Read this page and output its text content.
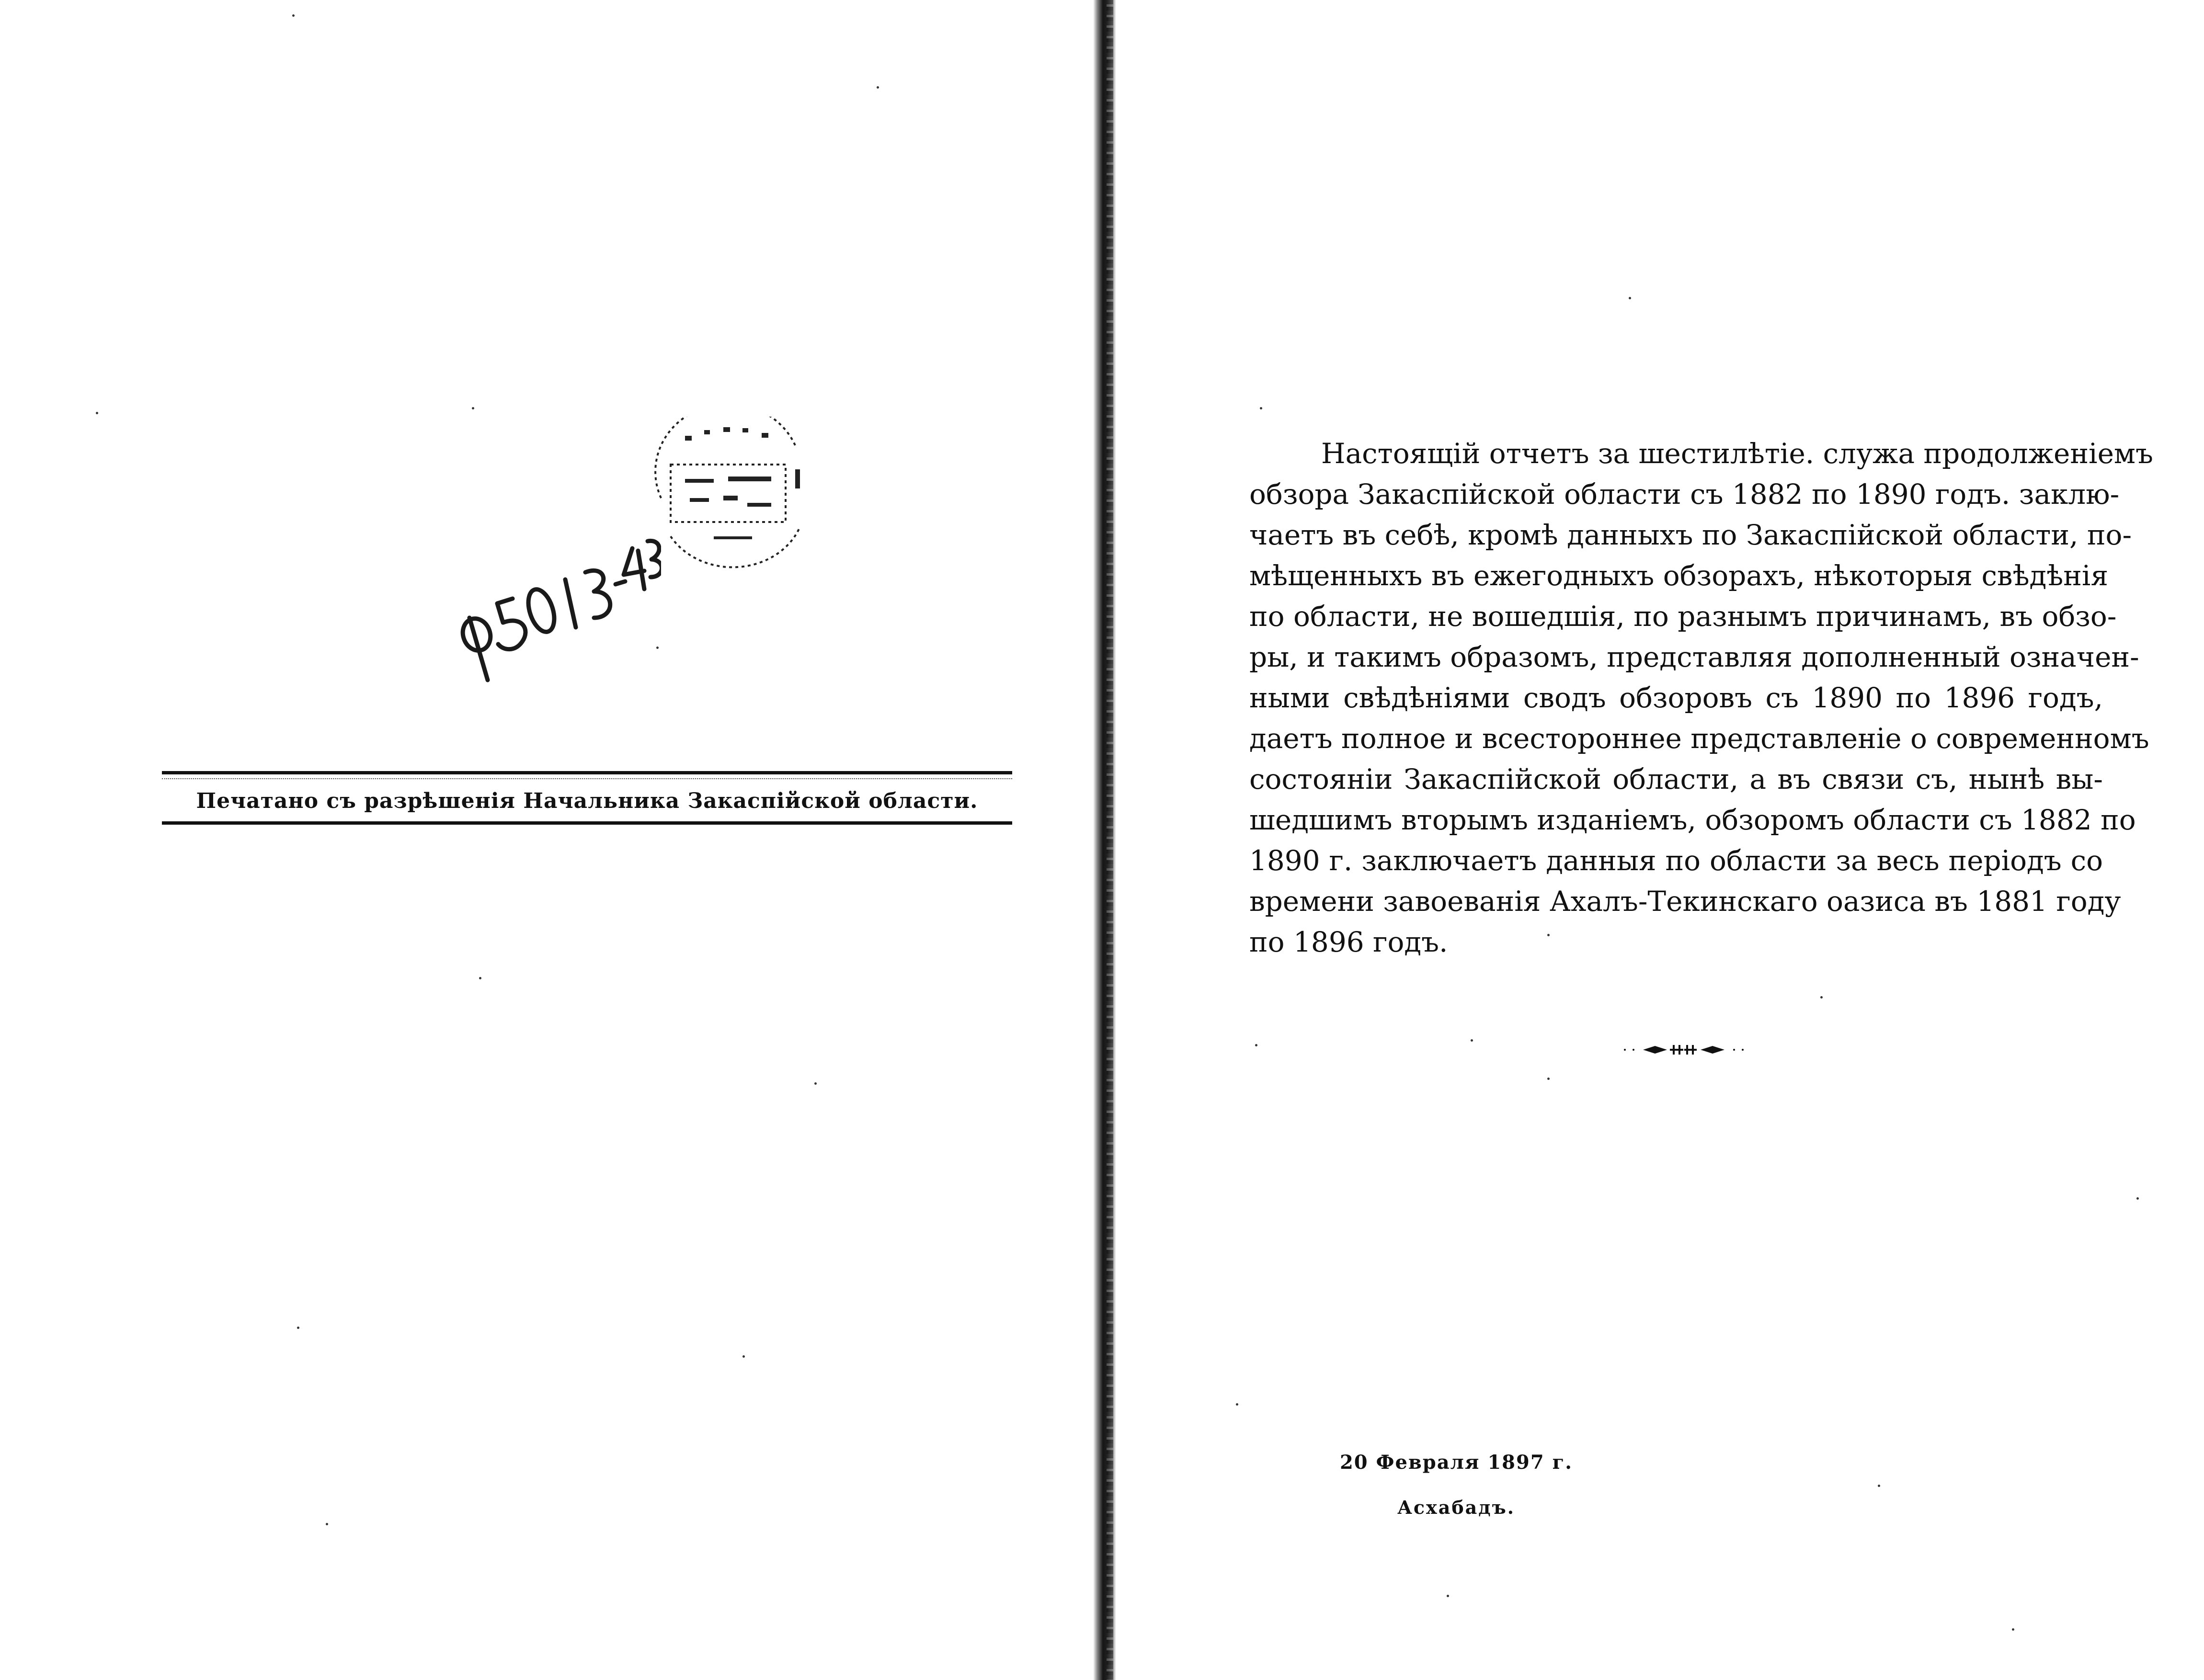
Печатано съ разрѣшенія Начальника Закаспійской области.
Настоящій отчетъ за шестилѣтіе. служа продолженіемъ
обзора Закаспійской области съ 1882 по 1890 годъ. заклю-
чаетъ въ себѣ, кромѣ данныхъ по Закаспійской области, по-
мѣщенныхъ въ ежегодныхъ обзорахъ, нѣкоторыя свѣдѣнія
по области, не вошедшія, по разнымъ причинамъ, въ обзо-
ры, и такимъ образомъ, представляя дополненный означен-
ными свѣдѣніями сводъ обзоровъ съ 1890 по 1896 годъ,
даетъ полное и всестороннее представленіе о современномъ
состояніи Закаспійской области, а въ связи съ, нынѣ вы-
шедшимъ вторымъ изданіемъ, обзоромъ области съ 1882 по
1890 г. заключаетъ данныя по области за весь періодъ со
времени завоеванія Ахалъ-Текинскаго оазиса въ 1881 году
по 1896 годъ.
20 Февраля 1897 г.
Асхабадъ.
